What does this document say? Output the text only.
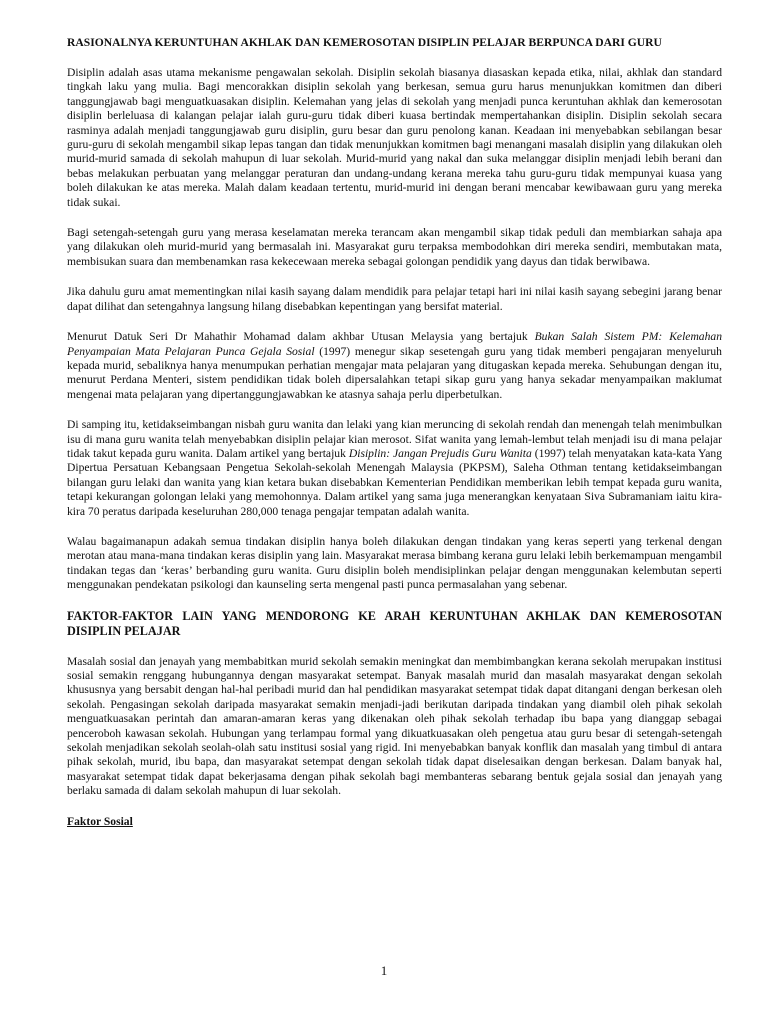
RASIONALNYA KERUNTUHAN AKHLAK DAN KEMEROSOTAN DISIPLIN PELAJAR BERPUNCA DARI GURU

Disiplin adalah asas utama mekanisme pengawalan sekolah. Disiplin sekolah biasanya diasaskan kepada etika, nilai, akhlak dan standard tingkah laku yang mulia. Bagi mencorakkan disiplin sekolah yang berkesan, semua guru harus menunjukkan komitmen dan diberi tanggungjawab bagi menguatkuasakan disiplin. Kelemahan yang jelas di sekolah yang menjadi punca keruntuhan akhlak dan kemerosotan disiplin berleluasa di kalangan pelajar ialah guru-guru tidak diberi kuasa bertindak mempertahankan disiplin. Disiplin sekolah secara rasminya adalah menjadi tanggungjawab guru disiplin, guru besar dan guru penolong kanan. Keadaan ini menyebabkan sebilangan besar guru-guru di sekolah mengambil sikap lepas tangan dan tidak menunjukkan komitmen bagi menangani masalah disiplin yang dilakukan oleh murid-murid samada di sekolah mahupun di luar sekolah. Murid-murid yang nakal dan suka melanggar disiplin menjadi lebih berani dan bebas melakukan perbuatan yang melanggar peraturan dan undang-undang kerana mereka tahu guru-guru tidak mempunyai kuasa yang boleh dilakukan ke atas mereka. Malah dalam keadaan tertentu, murid-murid ini dengan berani mencabar kewibawaan guru yang mereka tidak sukai.

Bagi setengah-setengah guru yang merasa keselamatan mereka terancam akan mengambil sikap tidak peduli dan membiarkan sahaja apa yang dilakukan oleh murid-murid yang bermasalah ini. Masyarakat guru terpaksa membodohkan diri mereka sendiri, membutakan mata, membisukan suara dan membenamkan rasa kekecewaan mereka sebagai golongan pendidik yang dayus dan tidak berwibawa.

Jika dahulu guru amat mementingkan nilai kasih sayang dalam mendidik para pelajar tetapi hari ini nilai kasih sayang sebegini jarang benar dapat dilihat dan setengahnya langsung hilang disebabkan kepentingan yang bersifat material.

Menurut Datuk Seri Dr Mahathir Mohamad dalam akhbar Utusan Melaysia yang bertajuk Bukan Salah Sistem PM: Kelemahan Penyampaian Mata Pelajaran Punca Gejala Sosial (1997) menegur sikap sesetengah guru yang tidak memberi pengajaran menyeluruh kepada murid, sebaliknya hanya menumpukan perhatian mengajar mata pelajaran yang ditugaskan kepada mereka. Sehubungan dengan itu, menurut Perdana Menteri, sistem pendidikan tidak boleh dipersalahkan tetapi sikap guru yang hanya sekadar menyampaikan maklumat mengenai mata pelajaran yang dipertanggungjawabkan ke atasnya sahaja perlu diperbetulkan.

Di samping itu, ketidakseimbangan nisbah guru wanita dan lelaki yang kian meruncing di sekolah rendah dan menengah telah menimbulkan isu di mana guru wanita telah menyebabkan disiplin pelajar kian merosot. Sifat wanita yang lemah-lembut telah menjadi isu di mana pelajar tidak takut kepada guru wanita. Dalam artikel yang bertajuk Disiplin: Jangan Prejudis Guru Wanita (1997) telah menyatakan kata-kata Yang Dipertua Persatuan Kebangsaan Pengetua Sekolah-sekolah Menengah Malaysia (PKPSM), Saleha Othman tentang ketidakseimbangan bilangan guru lelaki dan wanita yang kian ketara bukan disebabkan Kementerian Pendidikan memberikan lebih tempat kepada guru wanita, tetapi kekurangan golongan lelaki yang memohonnya. Dalam artikel yang sama juga menerangkan kenyataan Siva Subramaniam iaitu kira-kira 70 peratus daripada keseluruhan 280,000 tenaga pengajar tempatan adalah wanita.

Walau bagaimanapun adakah semua tindakan disiplin hanya boleh dilakukan dengan tindakan yang keras seperti yang terkenal dengan merotan atau mana-mana tindakan keras disiplin yang lain. Masyarakat merasa bimbang kerana guru lelaki lebih berkemampuan mengambil tindakan tegas dan ‘keras’ berbanding guru wanita. Guru disiplin boleh mendisiplinkan pelajar dengan menggunakan kelembutan seperti menggunakan pendekatan psikologi dan kaunseling serta mengenal pasti punca permasalahan yang sebenar.

FAKTOR-FAKTOR LAIN YANG MENDORONG KE ARAH KERUNTUHAN AKHLAK DAN KEMEROSOTAN DISIPLIN PELAJAR

Masalah sosial dan jenayah yang membabitkan murid sekolah semakin meningkat dan membimbangkan kerana sekolah merupakan institusi sosial semakin renggang hubungannya dengan masyarakat setempat. Banyak masalah murid dan masalah masyarakat dengan sekolah khususnya yang bersabit dengan hal-hal peribadi murid dan hal pendidikan masyarakat setempat tidak dapat ditangani dengan berkesan oleh sekolah. Pengasingan sekolah daripada masyarakat semakin menjadi-jadi berikutan daripada tindakan yang diambil oleh pihak sekolah menguatkuasakan perintah dan amaran-amaran keras yang dikenakan oleh pihak sekolah terhadap ibu bapa yang dianggap sebagai penceroboh kawasan sekolah. Hubungan yang terlampau formal yang dikuatkuasakan oleh pengetua atau guru besar di setengah-setengah sekolah menjadikan sekolah seolah-olah satu institusi sosial yang rigid. Ini menyebabkan banyak konflik dan masalah yang timbul di antara pihak sekolah, murid, ibu bapa, dan masyarakat setempat dengan sekolah tidak dapat diselesaikan dengan berkesan. Dalam banyak hal, masyarakat setempat tidak dapat bekerjasama dengan pihak sekolah bagi membanteras sebarang bentuk gejala sosial dan jenayah yang berlaku samada di dalam sekolah mahupun di luar sekolah.

Faktor Sosial
1
